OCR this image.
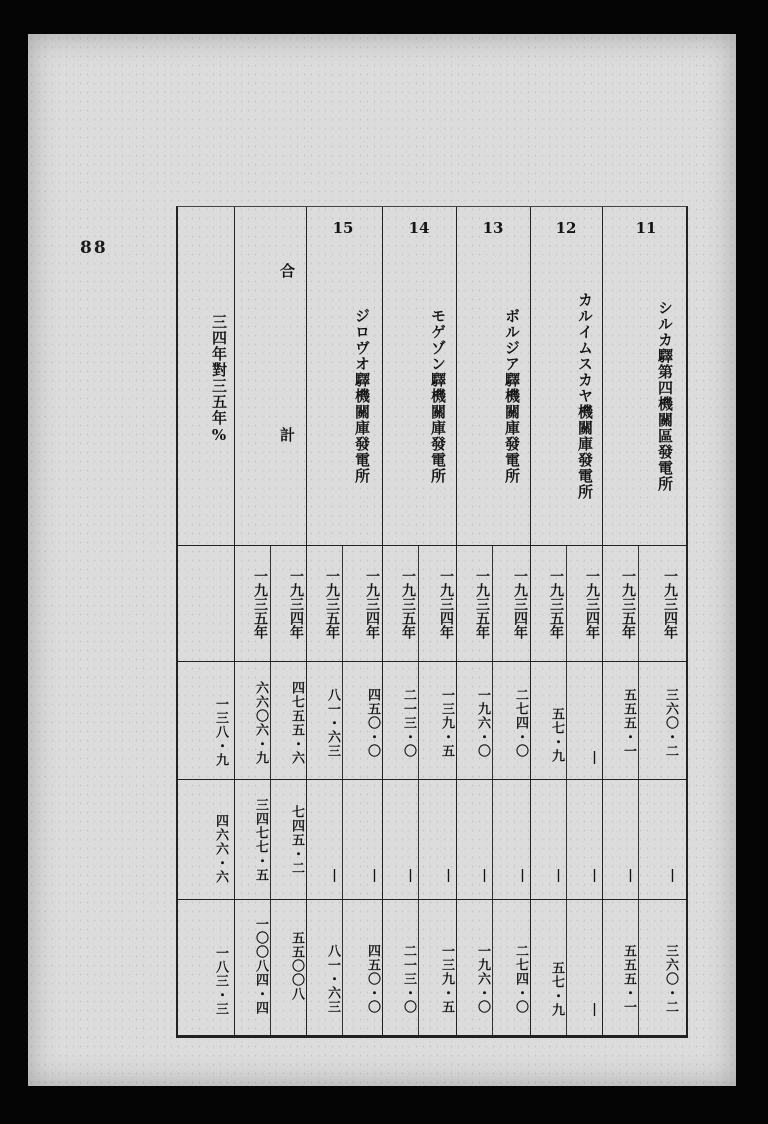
88
11
12
13
14
15
シルカ驛第四機關區發電所
カルイムスカヤ機關庫發電所
ボルジア驛機關庫發電所
モゲゾン驛機關庫發電所
ジロヴオ驛機關庫發電所
合
計
三四年對三五年%
一九三四年
一九三五年
一九三四年
一九三五年
一九三四年
一九三五年
一九三四年
一九三五年
一九三四年
一九三五年
一九三四年
一九三五年
三六〇・二
五五五・一
|
五七・九
二七四・〇
一九六・〇
一三九・五
二一三・〇
四五〇・〇
八一・六三
四七五五・六
六六〇六・九
一三八・九
|
|
|
|
|
|
|
|
|
|
七四五・二
三四七七・五
四六六・六
三六〇・二
五五五・一
|
五七・九
二七四・〇
一九六・〇
一三九・五
二一三・〇
四五〇・〇
八一・六三
五五〇〇八
一〇〇八四・四
一八三・三
